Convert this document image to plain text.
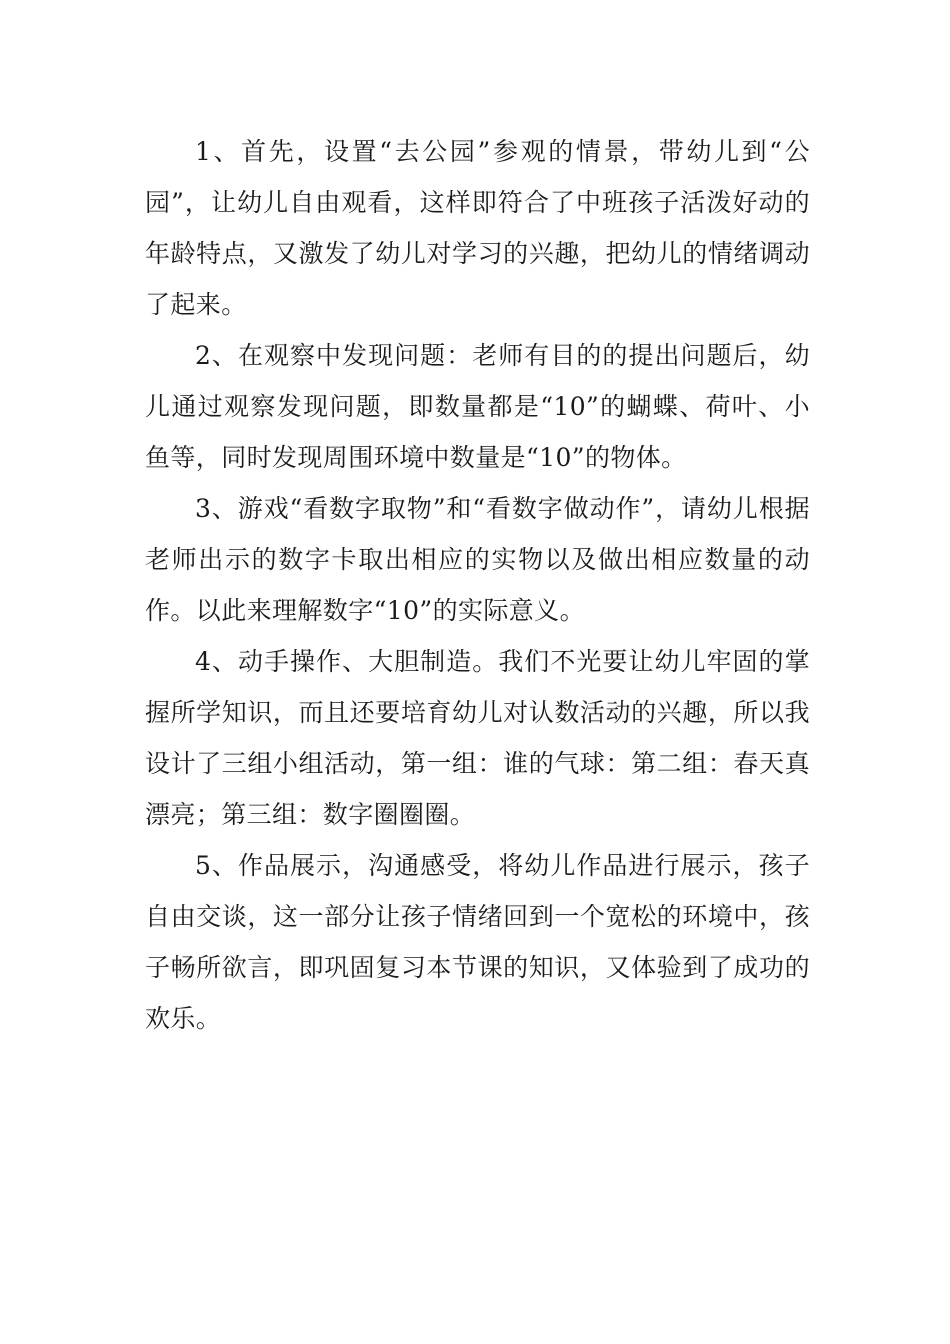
1、首先，设置“去公园”参观的情景，带幼儿到“公园”，让幼儿自由观看，这样即符合了中班孩子活泼好动的年龄特点，又激发了幼儿对学习的兴趣，把幼儿的情绪调动了起来。

2、在观察中发现问题：老师有目的的提出问题后，幼儿通过观察发现问题，即数量都是“10”的蝴蝶、荷叶、小鱼等，同时发现周围环境中数量是“10”的物体。

3、游戏“看数字取物”和“看数字做动作”，请幼儿根据老师出示的数字卡取出相应的实物以及做出相应数量的动作。以此来理解数字“10”的实际意义。

4、动手操作、大胆制造。我们不光要让幼儿牢固的掌握所学知识，而且还要培育幼儿对认数活动的兴趣，所以我设计了三组小组活动，第一组：谁的气球：第二组：春天真漂亮；第三组：数字圈圈圈。

5、作品展示，沟通感受，将幼儿作品进行展示，孩子自由交谈，这一部分让孩子情绪回到一个宽松的环境中，孩子畅所欲言，即巩固复习本节课的知识，又体验到了成功的欢乐。
